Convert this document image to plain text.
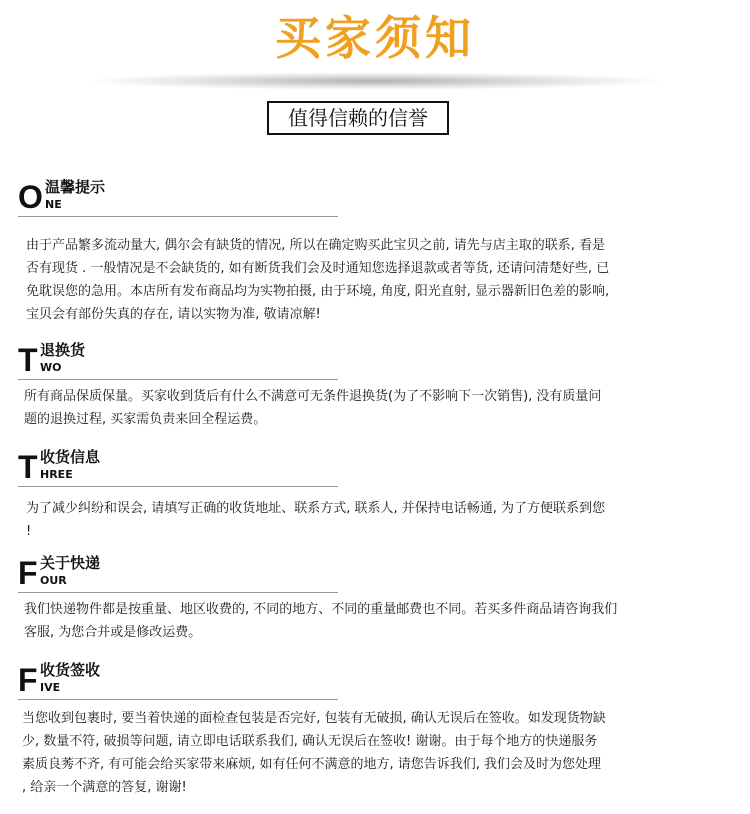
买家须知
值得信赖的信誉
O 温馨提示
NE
由于产品繁多流动量大, 偶尔会有缺货的情况, 所以在确定购买此宝贝之前, 请先与店主取的联系, 看是
否有现货 . 一般情况是不会缺货的, 如有断货我们会及时通知您选择退款或者等货, 还请问清楚好些, 已
免耽误您的急用。本店所有发布商品均为实物拍摄, 由于环境, 角度, 阳光直射, 显示器新旧色差的影响,
宝贝会有部份失真的存在, 请以实物为准, 敬请凉解!
T 退换货
WO
所有商品保质保量。买家收到货后有什么不满意可无条件退换货(为了不影响下一次销售), 没有质量问
题的退换过程, 买家需负责来回全程运费。
T 收货信息
HREE
为了减少纠纷和误会, 请填写正确的收货地址、联系方式, 联系人, 并保持电话畅通, 为了方便联系到您
!
F 关于快递
OUR
我们快递物件都是按重量、地区收费的, 不同的地方、不同的重量邮费也不同。若买多件商品请咨询我们
客服, 为您合并或是修改运费。
F 收货签收
IVE
当您收到包裹时, 要当着快递的面检查包装是否完好, 包装有无破损, 确认无误后在签收。如发现货物缺
少, 数量不符, 破损等问题, 请立即电话联系我们, 确认无误后在签收! 谢谢。由于每个地方的快递服务
素质良莠不齐, 有可能会给买家带来麻烦, 如有任何不满意的地方, 请您告诉我们, 我们会及时为您处理
, 给亲一个满意的答复, 谢谢!
